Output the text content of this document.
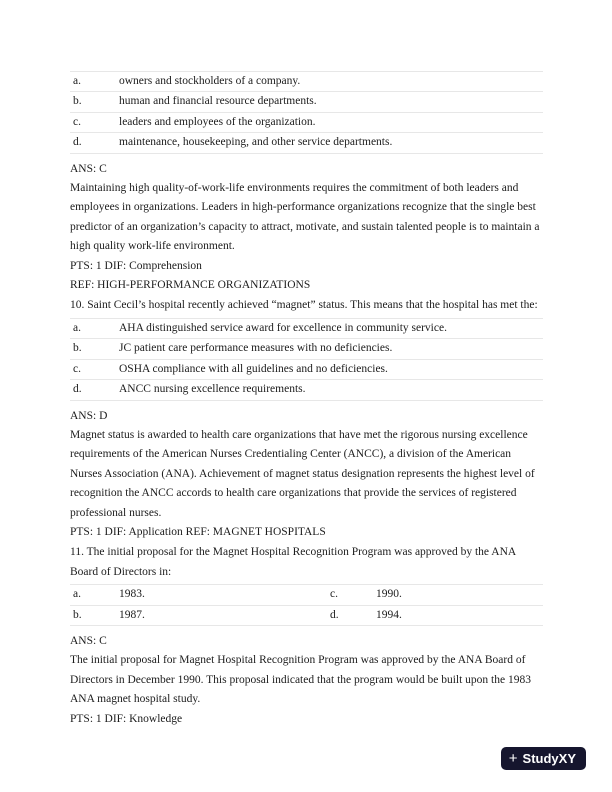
a.	owners and stockholders of a company.
b.	human and financial resource departments.
c.	leaders and employees of the organization.
d.	maintenance, housekeeping, and other service departments.

ANS: C

Maintaining high quality-of-work-life environments requires the commitment of both leaders and employees in organizations. Leaders in high-performance organizations recognize that the single best predictor of an organization’s capacity to attract, motivate, and sustain talented people is to maintain a high quality work-life environment.

PTS: 1 DIF: Comprehension

REF: HIGH-PERFORMANCE ORGANIZATIONS

10. Saint Cecil’s hospital recently achieved “magnet” status. This means that the hospital has met the:

a.	AHA distinguished service award for excellence in community service.
b.	JC patient care performance measures with no deficiencies.
c.	OSHA compliance with all guidelines and no deficiencies.
d.	ANCC nursing excellence requirements.

ANS: D

Magnet status is awarded to health care organizations that have met the rigorous nursing excellence requirements of the American Nurses Credentialing Center (ANCC), a division of the American Nurses Association (ANA). Achievement of magnet status designation represents the highest level of recognition the ANCC accords to health care organizations that provide the services of registered professional nurses.

PTS: 1 DIF: Application REF: MAGNET HOSPITALS

11. The initial proposal for the Magnet Hospital Recognition Program was approved by the ANA Board of Directors in:

a.	1983.	c.	1990.
b.	1987.	d.	1994.

ANS: C

The initial proposal for Magnet Hospital Recognition Program was approved by the ANA Board of Directors in December 1990. This proposal indicated that the program would be built upon the 1983 ANA magnet hospital study.

PTS: 1 DIF: Knowledge

+ StudyXY
